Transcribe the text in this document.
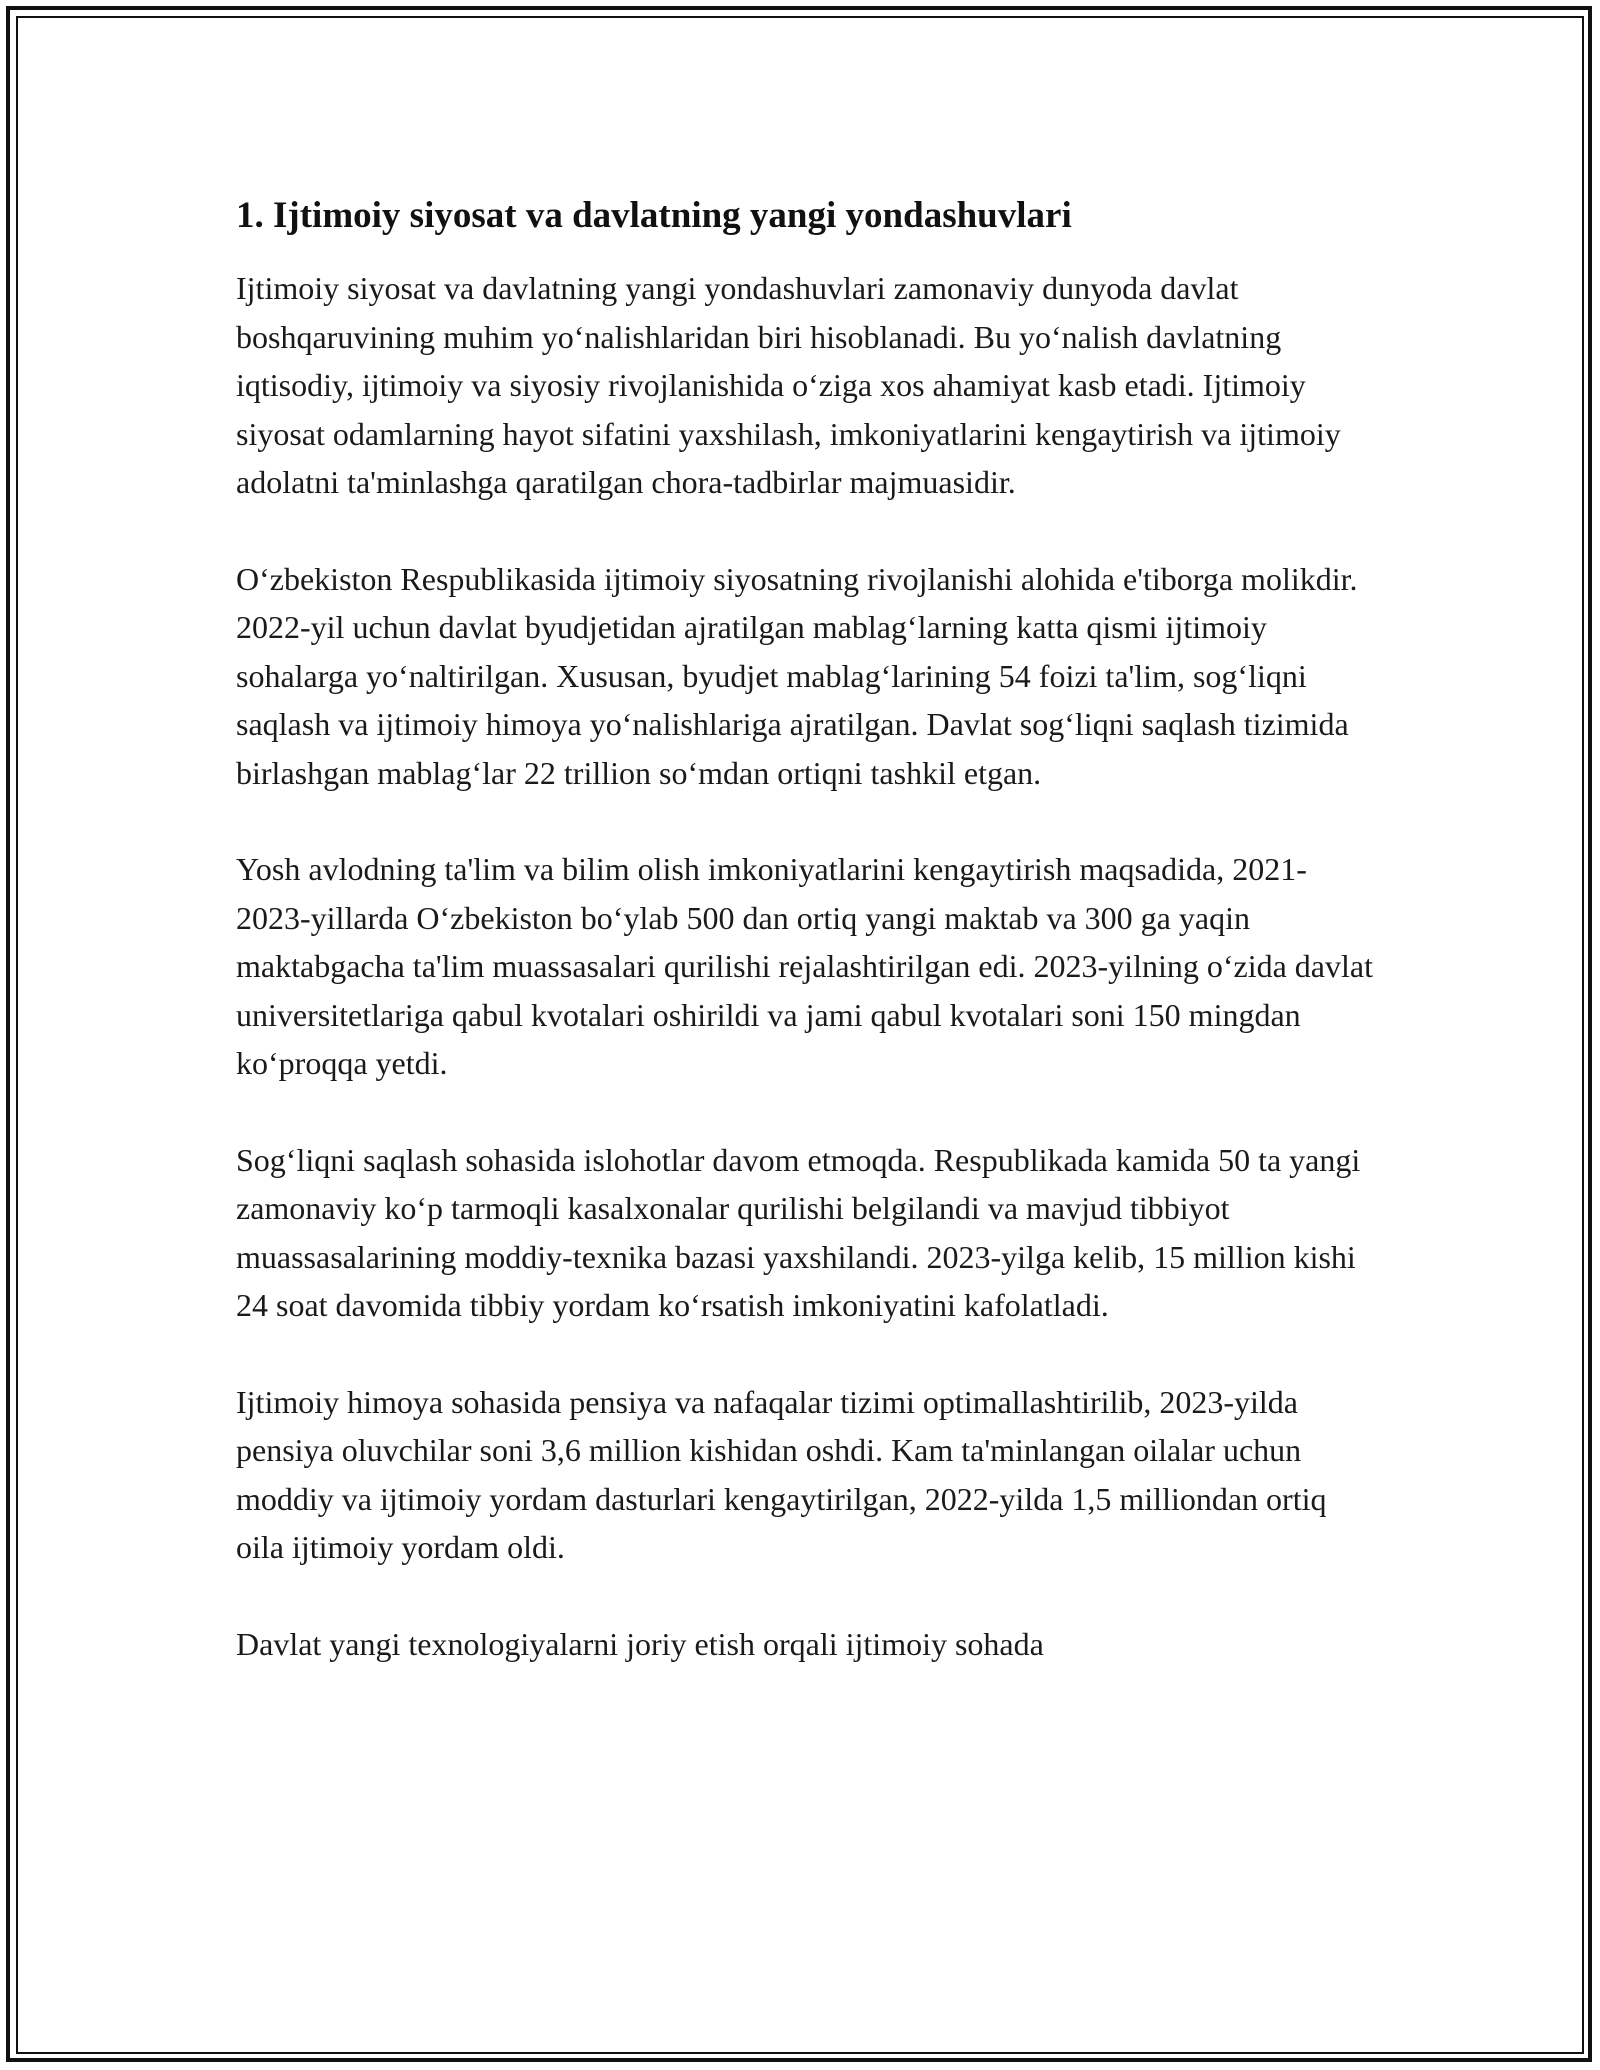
1. Ijtimoiy siyosat va davlatning yangi yondashuvlari

Ijtimoiy siyosat va davlatning yangi yondashuvlari zamonaviy dunyoda davlat boshqaruvining muhim yo‘nalishlaridan biri hisoblanadi. Bu yo‘nalish davlatning iqtisodiy, ijtimoiy va siyosiy rivojlanishida o‘ziga xos ahamiyat kasb etadi. Ijtimoiy siyosat odamlarning hayot sifatini yaxshilash, imkoniyatlarini kengaytirish va ijtimoiy adolatni ta'minlashga qaratilgan chora-tadbirlar majmuasidir.

O‘zbekiston Respublikasida ijtimoiy siyosatning rivojlanishi alohida e'tiborga molikdir. 2022-yil uchun davlat byudjetidan ajratilgan mablag‘larning katta qismi ijtimoiy sohalarga yo‘naltirilgan. Xususan, byudjet mablag‘larining 54 foizi ta'lim, sog‘liqni saqlash va ijtimoiy himoya yo‘nalishlariga ajratilgan. Davlat sog‘liqni saqlash tizimida birlashgan mablag‘lar 22 trillion so‘mdan ortiqni tashkil etgan.

Yosh avlodning ta'lim va bilim olish imkoniyatlarini kengaytirish maqsadida, 2021-2023-yillarda O‘zbekiston bo‘ylab 500 dan ortiq yangi maktab va 300 ga yaqin maktabgacha ta'lim muassasalari qurilishi rejalashtirilgan edi. 2023-yilning o‘zida davlat universitetlariga qabul kvotalari oshirildi va jami qabul kvotalari soni 150 mingdan ko‘proqqa yetdi.

Sog‘liqni saqlash sohasida islohotlar davom etmoqda. Respublikada kamida 50 ta yangi zamonaviy ko‘p tarmoqli kasalxonalar qurilishi belgilandi va mavjud tibbiyot muassasalarining moddiy-texnika bazasi yaxshilandi. 2023-yilga kelib, 15 million kishi 24 soat davomida tibbiy yordam ko‘rsatish imkoniyatini kafolatladi.

Ijtimoiy himoya sohasida pensiya va nafaqalar tizimi optimallashtirilib, 2023-yilda pensiya oluvchilar soni 3,6 million kishidan oshdi. Kam ta'minlangan oilalar uchun moddiy va ijtimoiy yordam dasturlari kengaytirilgan, 2022-yilda 1,5 milliondan ortiq oila ijtimoiy yordam oldi.

Davlat yangi texnologiyalarni joriy etish orqali ijtimoiy sohada
